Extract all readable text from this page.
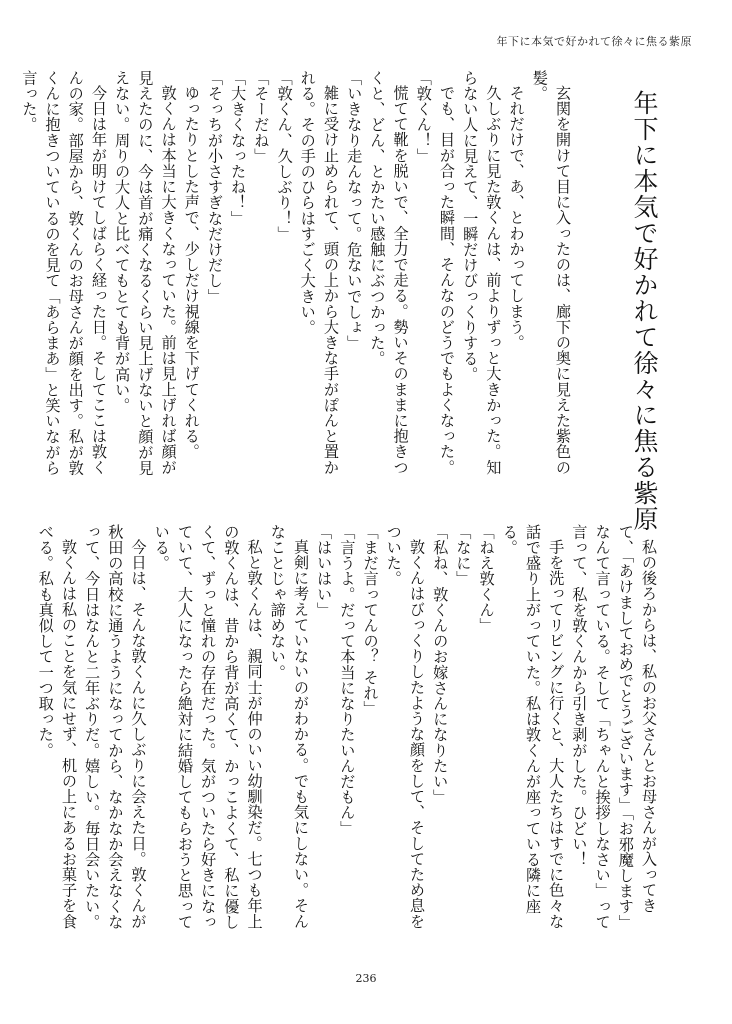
年下に本気で好かれて徐々に焦る紫原
年下に本気で好かれて徐々に焦る紫原

玄関を開けて目に入ったのは、廊下の奥に見えた紫色の髪。

それだけで、あ、とわかってしまう。

久しぶりに見た敦くんは、前よりずっと大きかった。知らない人に見えて、一瞬だけびっくりする。

でも、目が合った瞬間、そんなのどうでもよくなった。

「敦くん！」

慌てて靴を脱いで、全力で走る。勢いそのままに抱きつくと、どん、とかたい感触にぶつかった。

「いきなり走んなって。危ないでしょ」

雑に受け止められて、頭の上から大きな手がぽんと置かれる。その手のひらはすごく大きい。

「敦くん、久しぶり！」

「そーだね」

「大きくなったね！」

「そっちが小さすぎなだけだし」

ゆったりとした声で、少しだけ視線を下げてくれる。

敦くんは本当に大きくなっていた。前は見上げれば顔が見えたのに、今は首が痛くなるくらい見上げないと顔が見えない。周りの大人と比べてもとても背が高い。

今日は年が明けてしばらく経った日。そしてここは敦くんの家。部屋から、敦くんのお母さんが顔を出す。私が敦くんに抱きついているのを見て「あらまあ」と笑いながら言った。

私の後ろからは、私のお父さんとお母さんが入ってきて、「あけましておめでとうございます」「お邪魔します」なんて言っている。そして「ちゃんと挨拶しなさい」って言って、私を敦くんから引き剥がした。ひどい！

手を洗ってリビングに行くと、大人たちはすでに色々な話で盛り上がっていた。私は敦くんが座っている隣に座る。

「ねえ敦くん」

「なに」

「私ね、敦くんのお嫁さんになりたい」

敦くんはびっくりしたような顔をして、そしてため息をついた。

「まだ言ってんの？ それ」

「言うよ。だって本当になりたいんだもん」

「はいはい」

真剣に考えていないのがわかる。でも気にしない。そんなことじゃ諦めない。

私と敦くんは、親同士が仲のいい幼馴染だ。七つも年上の敦くんは、昔から背が高くて、かっこよくて、私に優しくて、ずっと憧れの存在だった。気がついたら好きになっていて、大人になったら絶対に結婚してもらおうと思っている。

今日は、そんな敦くんに久しぶりに会えた日。敦くんが秋田の高校に通うようになってから、なかなか会えなくなって、今日はなんと二年ぶりだ。嬉しい。毎日会いたい。

敦くんは私のことを気にせず、机の上にあるお菓子を食べる。私も真似して一つ取った。

236
